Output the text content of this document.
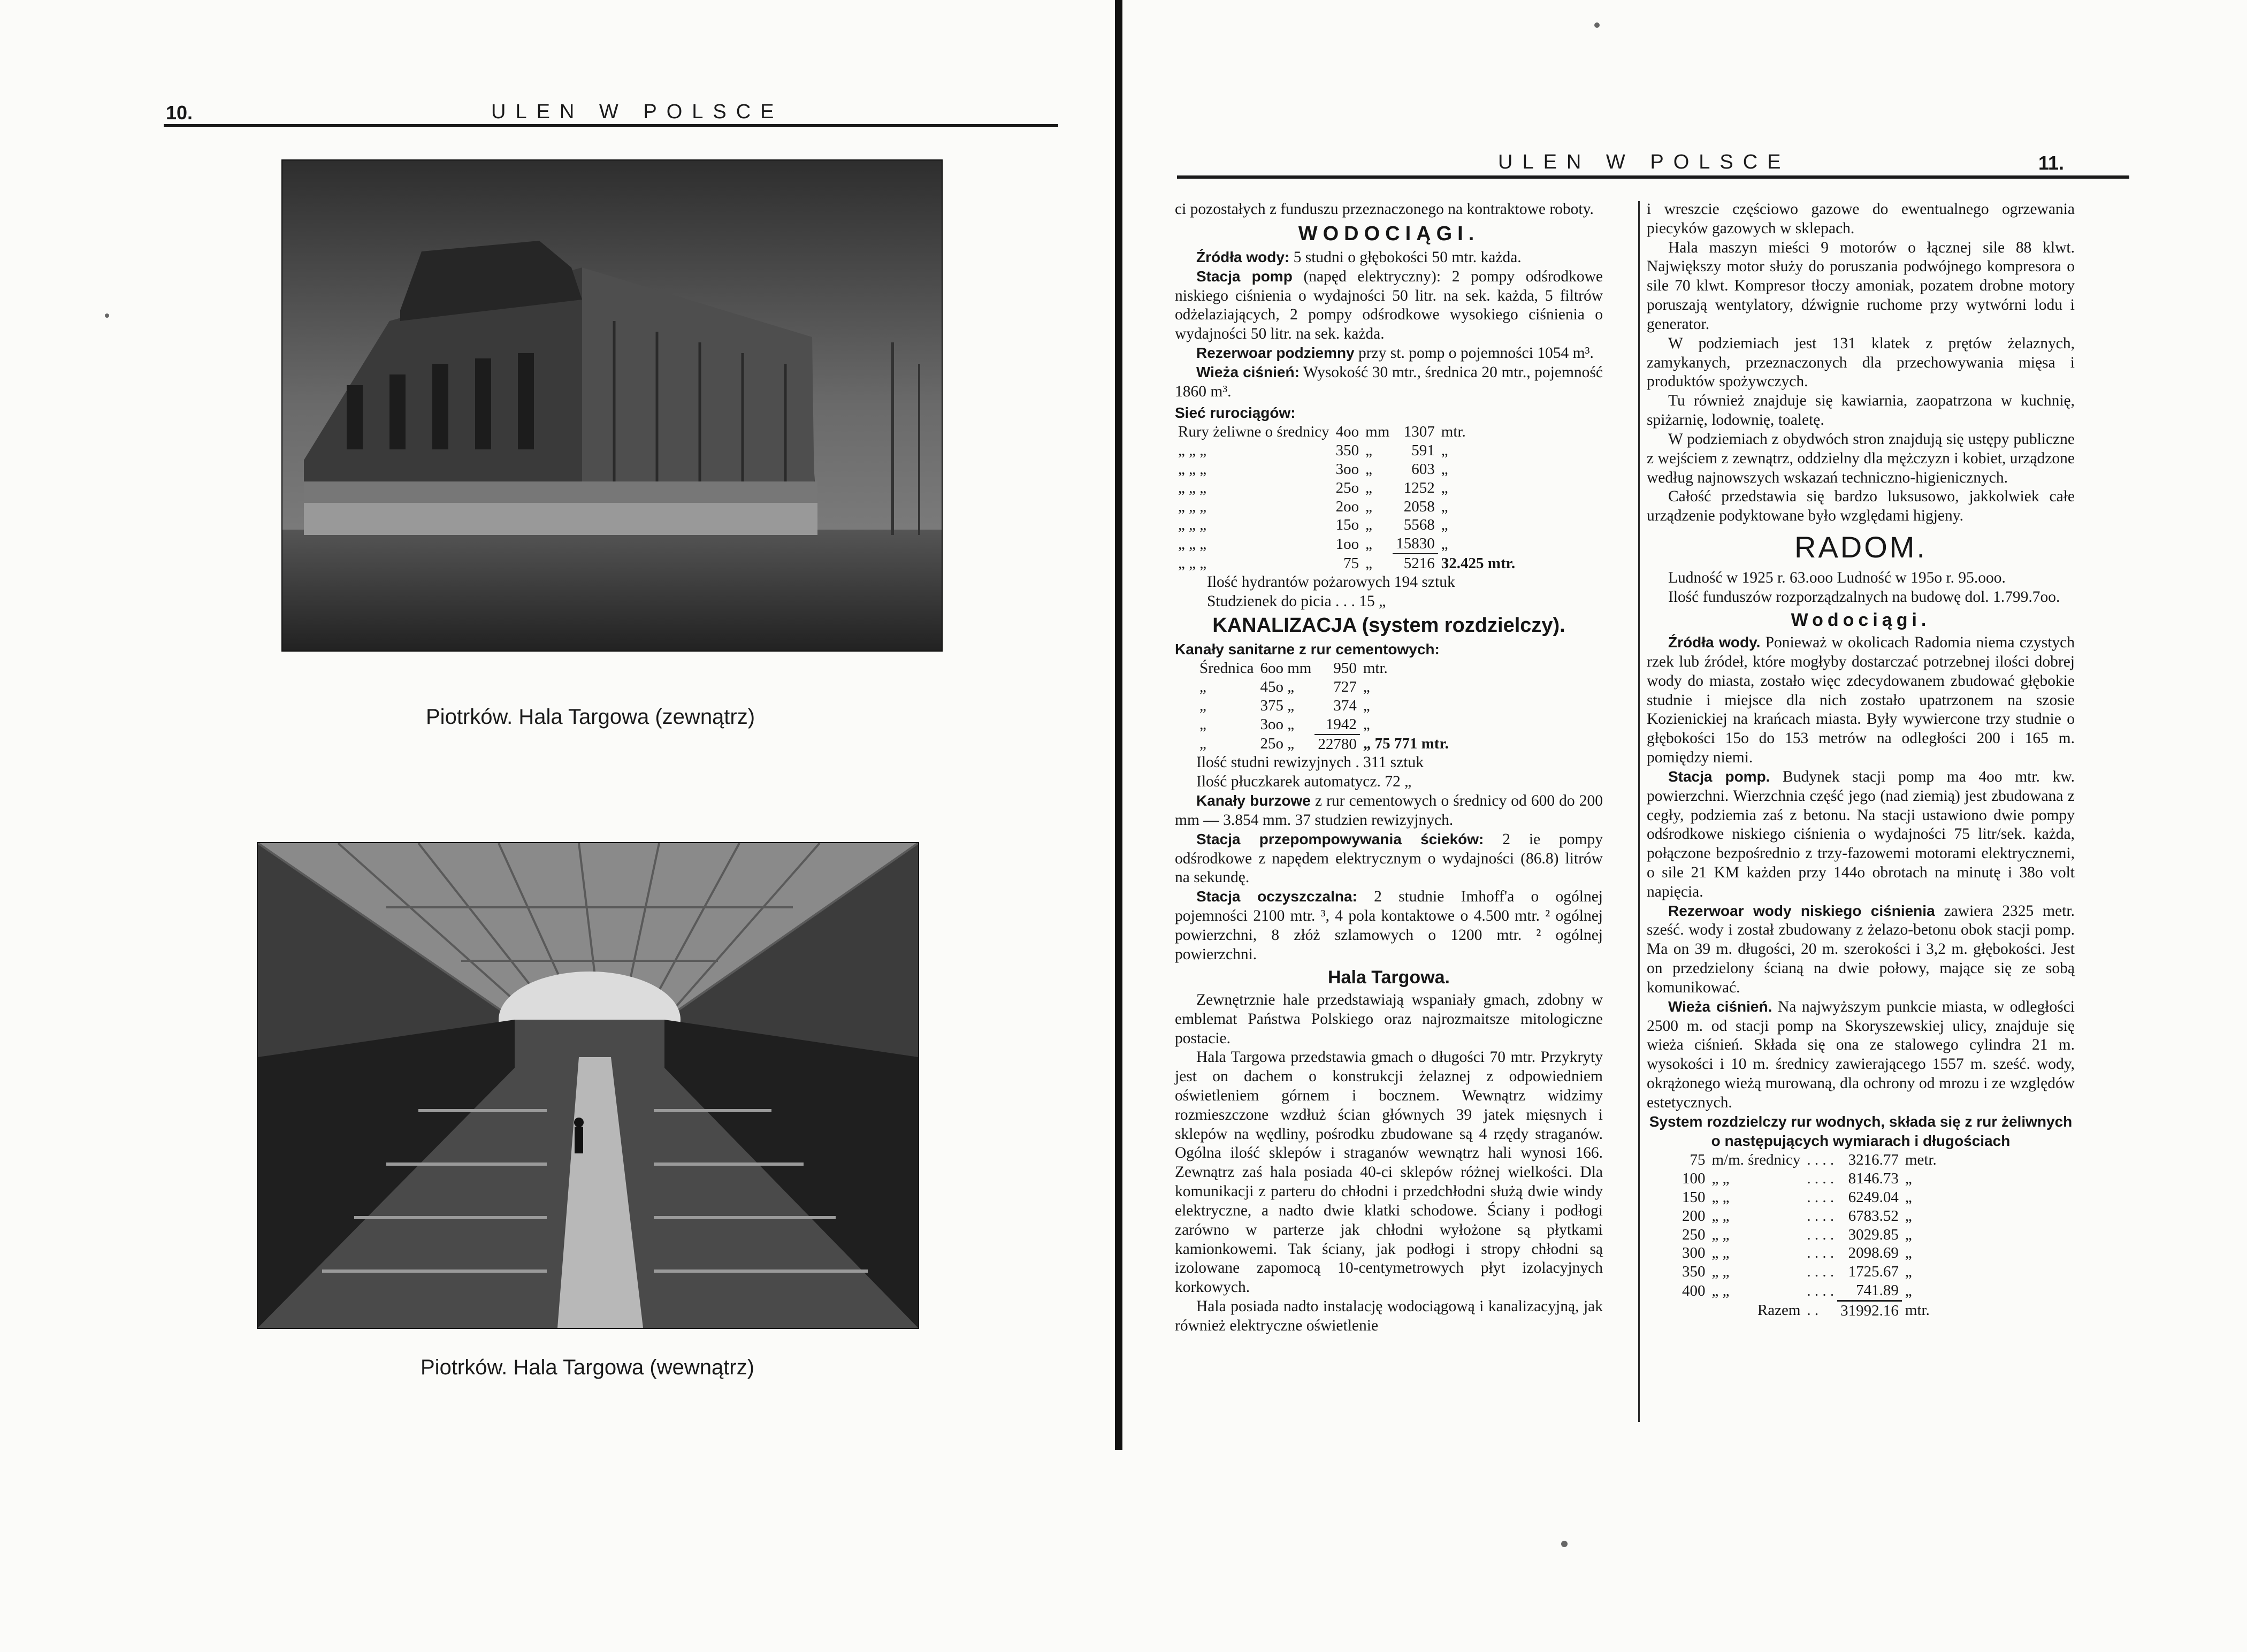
10.	ULEN W POLSCE
Piotrków. Hala Targowa (zewnątrz)
Piotrków. Hala Targowa (wewnątrz)
ULEN W POLSCE	11.

ci pozostałych z funduszu przeznaczonego na kontraktowe roboty.

WODOCIĄGI.

Źródła wody: 5 studni o głębokości 50 mtr. każda.

Stacja pomp (napęd elektryczny): 2 pompy odśrodkowe niskiego ciśnienia o wydajności 50 litr. na sek. każda, 5 filtrów odżelaziających, 2 pompy odśrodkowe wysokiego ciśnienia o wydajności 50 litr. na sek. każda.

Rezerwoar podziemny przy st. pomp o pojemności 1054 m³.

Wieża ciśnień: Wysokość 30 mtr., średnica 20 mtr., pojemność 1860 m³.

Sieć rurociągów:

Rury żeliwne o średnicy	4oo	mm	1307	mtr.
„ „ „	350	„	591	„
„ „ „	3oo	„	603	„
„ „ „	25o	„	1252	„
„ „ „	2oo	„	2058	„
„ „ „	15o	„	5568	„
„ „ „	1oo	„	15830	„
„ „ „	75	„	5216	32.425 mtr.

Ilość hydrantów pożarowych 194 sztuk

Studzienek do picia . . . 15 „

KANALIZACJA (system rozdzielczy).

Kanały sanitarne z rur cementowych:

Średnica	6oo mm	950	mtr.
„	45o „	727	„
„	375 „	374	„
„	3oo „	1942	„
„	25o „	22780	„ 75 771 mtr.

Ilość studni rewizyjnych . 311 sztuk

Ilość płuczkarek automatycz. 72 „

Kanały burzowe z rur cementowych o średnicy od 600 do 200 mm — 3.854 mm. 37 studzien rewizyjnych.

Stacja przepompowywania ścieków: 2 ie pompy odśrodkowe z napędem elektrycznym o wydajności (86.8) litrów na sekundę.

Stacja oczyszczalna: 2 studnie Imhoff'a o ogólnej pojemności 2100 mtr. ³, 4 pola kontaktowe o 4.500 mtr. ² ogólnej powierzchni, 8 złóż szlamowych o 1200 mtr. ² ogólnej powierzchni.

Hala Targowa.

Zewnętrznie hale przedstawiają wspaniały gmach, zdobny w emblemat Państwa Polskiego oraz najrozmaitsze mitologiczne postacie.

Hala Targowa przedstawia gmach o długości 70 mtr. Przykryty jest on dachem o konstrukcji żelaznej z odpowiedniem oświetleniem górnem i bocznem. Wewnątrz widzimy rozmieszczone wzdłuż ścian głównych 39 jatek mięsnych i sklepów na wędliny, pośrodku zbudowane są 4 rzędy straganów. Ogólna ilość sklepów i straganów wewnątrz hali wynosi 166. Zewnątrz zaś hala posiada 40-ci sklepów różnej wielkości. Dla komunikacji z parteru do chłodni i przedchłodni służą dwie windy elektryczne, a nadto dwie klatki schodowe. Ściany i podłogi zarówno w parterze jak chłodni wyłożone są płytkami kamionkowemi. Tak ściany, jak podłogi i stropy chłodni są izolowane zapomocą 10-centymetrowych płyt izolacyjnych korkowych.

Hala posiada nadto instalację wodociągową i kanalizacyjną, jak również elektryczne oświetlenie

i wreszcie częściowo gazowe do ewentualnego ogrzewania piecyków gazowych w sklepach.

Hala maszyn mieści 9 motorów o łącznej sile 88 klwt. Największy motor służy do poruszania podwójnego kompresora o sile 70 klwt. Kompresor tłoczy amoniak, pozatem drobne motory poruszają wentylatory, dźwignie ruchome przy wytwórni lodu i generator.

W podziemiach jest 131 klatek z prętów żelaznych, zamykanych, przeznaczonych dla przechowywania mięsa i produktów spożywczych.

Tu również znajduje się kawiarnia, zaopatrzona w kuchnię, spiżarnię, lodownię, toaletę.

W podziemiach z obydwóch stron znajdują się ustępy publiczne z wejściem z zewnątrz, oddzielny dla mężczyzn i kobiet, urządzone według najnowszych wskazań techniczno-higienicznych.

Całość przedstawia się bardzo luksusowo, jakkolwiek całe urządzenie podyktowane było względami higjeny.

RADOM.

Ludność w 1925 r. 63.ooo Ludność w 195o r. 95.ooo.

Ilość funduszów rozporządzalnych na budowę dol. 1.799.7oo.

Wodociągi.

Źródła wody. Ponieważ w okolicach Radomia niema czystych rzek lub źródeł, które mogłyby dostarczać potrzebnej ilości dobrej wody do miasta, zostało więc zdecydowanem zbudować głębokie studnie i miejsce dla nich zostało upatrzonem na szosie Kozienickiej na krańcach miasta. Były wywiercone trzy studnie o głębokości 15o do 153 metrów na odległości 200 i 165 m. pomiędzy niemi.

Stacja pomp. Budynek stacji pomp ma 4oo mtr. kw. powierzchni. Wierzchnia część jego (nad ziemią) jest zbudowana z cegły, podziemia zaś z betonu. Na stacji ustawiono dwie pompy odśrodkowe niskiego ciśnienia o wydajności 75 litr/sek. każda, połączone bezpośrednio z trzy-fazowemi motorami elektrycznemi, o sile 21 KM każden przy 144o obrotach na minutę i 38o volt napięcia.

Rezerwoar wody niskiego ciśnienia zawiera 2325 metr. sześć. wody i został zbudowany z żelazo-betonu obok stacji pomp. Ma on 39 m. długości, 20 m. szerokości i 3,2 m. głębokości. Jest on przedzielony ścianą na dwie połowy, mające się ze sobą komunikować.

Wieża ciśnień. Na najwyższym punkcie miasta, w odległości 2500 m. od stacji pomp na Skoryszewskiej ulicy, znajduje się wieża ciśnień. Składa się ona ze stalowego cylindra 21 m. wysokości i 10 m. średnicy zawierającego 1557 m. sześć. wody, okrążonego wieżą murowaną, dla ochrony od mrozu i ze względów estetycznych.

System rozdzielczy rur wodnych, składa się z rur żeliwnych o następujących wymiarach i długościach

75	m/m. średnicy	. . . .	3216.77	metr.
100	„ „	. . . .	8146.73	„
150	„ „	. . . .	6249.04	„
200	„ „	. . . .	6783.52	„
250	„ „	. . . .	3029.85	„
300	„ „	. . . .	2098.69	„
350	„ „	. . . .	1725.67	„
400	„ „	. . . .	741.89	„
	Razem	. .	31992.16	mtr.
